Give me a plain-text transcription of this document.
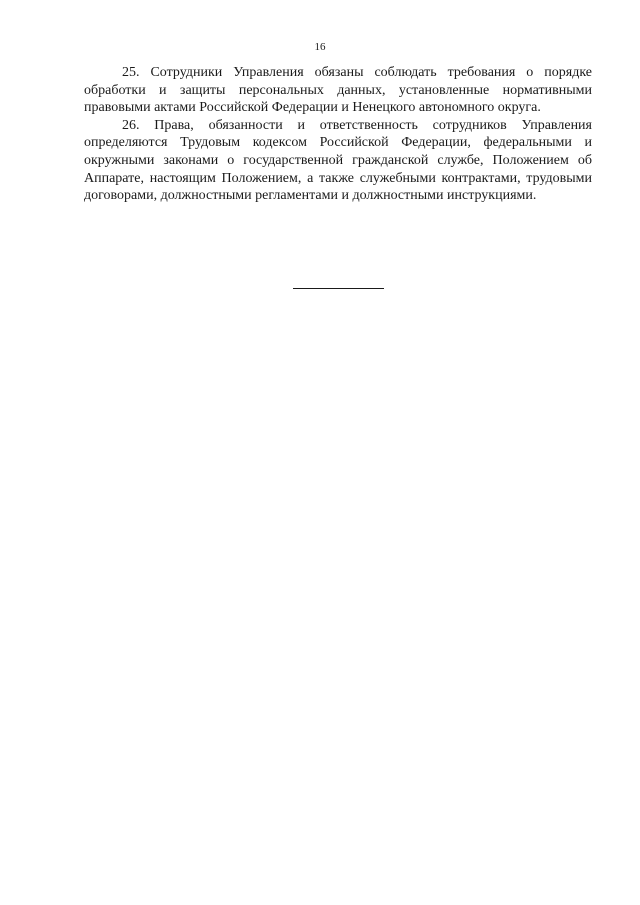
16

25. Сотрудники Управления обязаны соблюдать требования о порядке обработки и защиты персональных данных, установленные нормативными правовыми актами Российской Федерации и Ненецкого автономного округа.

26. Права, обязанности и ответственность сотрудников Управления определяются Трудовым кодексом Российской Федерации, федеральными и окружными законами о государственной гражданской службе, Положением об Аппарате, настоящим Положением, а также служебными контрактами, трудовыми договорами, должностными регламентами и должностными инструкциями.
